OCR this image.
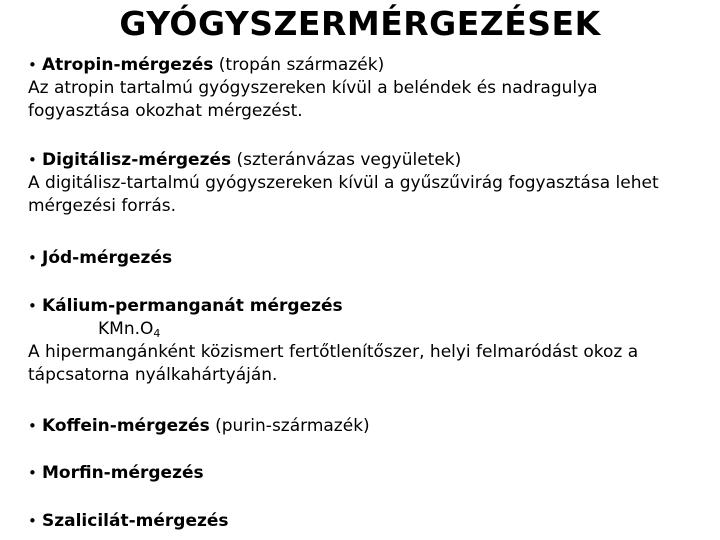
GYÓGYSZERMÉRGEZÉSEK
• Atropin-mérgezés (tropán származék)
Az atropin tartalmú gyógyszereken kívül a beléndek és nadragulya
fogyasztása okozhat mérgezést.
• Digitálisz-mérgezés (szteránvázas vegyületek)
A digitálisz-tartalmú gyógyszereken kívül a gyűszűvirág fogyasztása lehet
mérgezési forrás.
• Jód-mérgezés
• Kálium-permanganát mérgezés
$KMn.O_4$
A hipermangánként közismert fertőtlenítőszer, helyi felmaródást okoz a
tápcsatorna nyálkahártyáján.
• Koffein-mérgezés (purin-származék)
• Morfin-mérgezés
• Szalicilát-mérgezés
